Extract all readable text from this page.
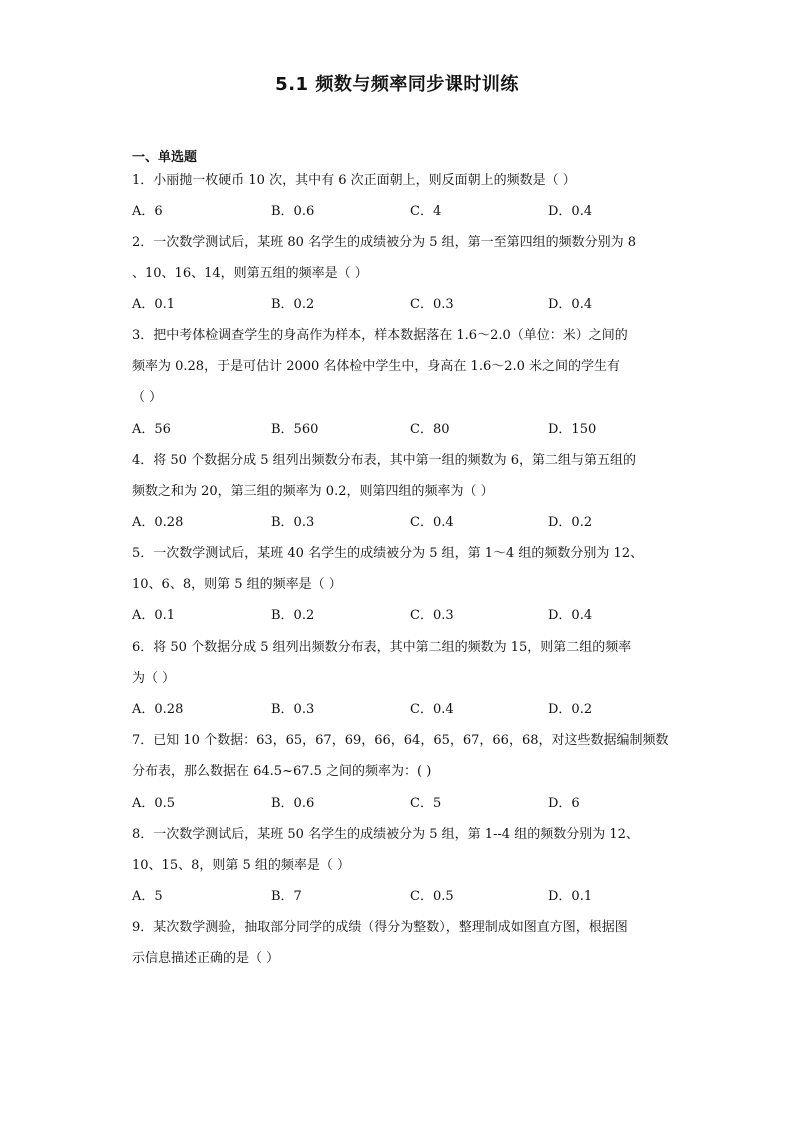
5.1 频数与频率同步课时训练
一、单选题
1．小丽抛一枚硬币 10 次，其中有 6 次正面朝上，则反面朝上的频数是（ ）
A．6	B．0.6	C．4	D．0.4
2．一次数学测试后，某班 80 名学生的成绩被分为 5 组，第一至第四组的频数分别为 8
、10、16、14，则第五组的频率是（ ）
A．0.1	B．0.2	C．0.3	D．0.4
3．把中考体检调查学生的身高作为样本，样本数据落在 1.6～2.0（单位：米）之间的
频率为 0.28，于是可估计 2000 名体检中学生中，身高在 1.6～2.0 米之间的学生有
（ ）
A．56	B．560	C．80	D．150
4．将 50 个数据分成 5 组列出频数分布表，其中第一组的频数为 6，第二组与第五组的
频数之和为 20，第三组的频率为 0.2，则第四组的频率为（ ）
A．0.28	B．0.3	C．0.4	D．0.2
5．一次数学测试后，某班 40 名学生的成绩被分为 5 组，第 1～4 组的频数分别为 12、
10、6、8，则第 5 组的频率是（ ）
A．0.1	B．0.2	C．0.3	D．0.4
6．将 50 个数据分成 5 组列出频数分布表，其中第二组的频数为 15，则第二组的频率
为（ ）
A．0.28	B．0.3	C．0.4	D．0.2
7．已知 10 个数据：63，65，67，69，66，64，65，67，66，68，对这些数据编制频数
分布表，那么数据在 64.5~67.5 之间的频率为：( )
A．0.5	B．0.6	C．5	D．6
8．一次数学测试后，某班 50 名学生的成绩被分为 5 组，第 1--4 组的频数分别为 12、
10、15、8，则第 5 组的频率是（ ）
A．5	B．7	C．0.5	D．0.1
9．某次数学测验，抽取部分同学的成绩（得分为整数），整理制成如图直方图，根据图
示信息描述正确的是（ ）
